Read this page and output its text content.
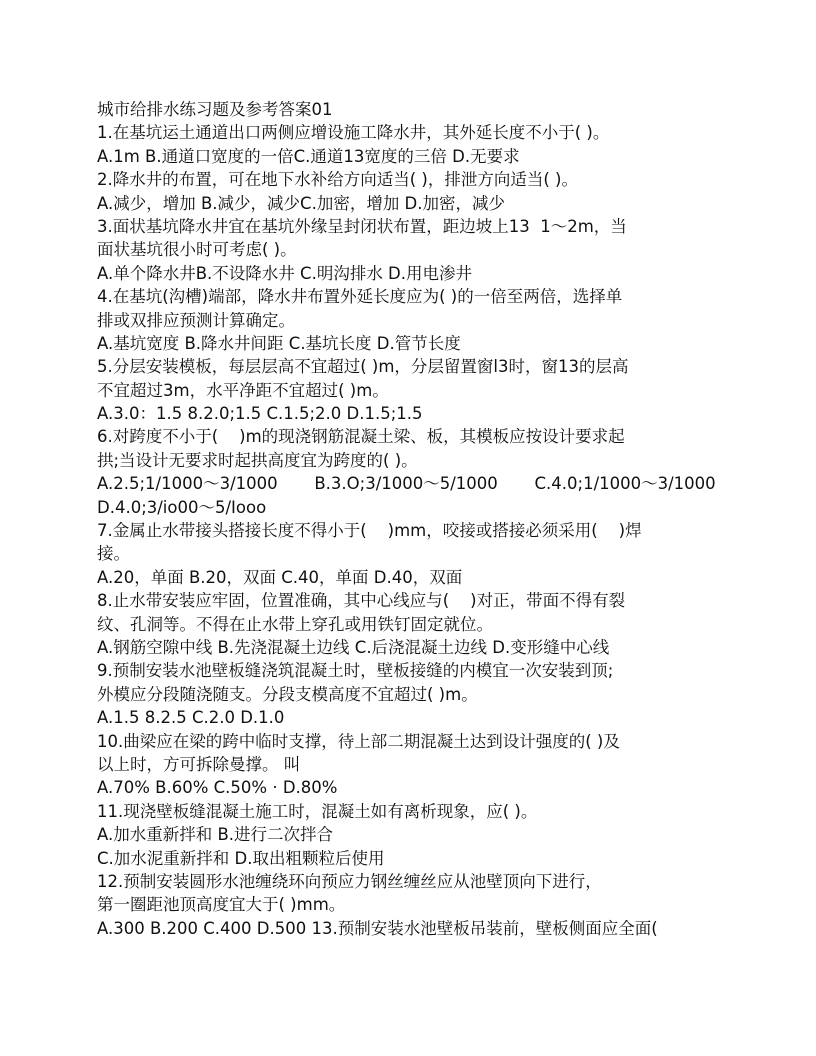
城市给排水练习题及参考答案01
1.在基坑运土通道出口两侧应增设施工降水井，其外延长度不小于( )。
A.1m B.通道口宽度的一倍C.通道13宽度的三倍 D.无要求
2.降水井的布置，可在地下水补给方向适当( )，排泄方向适当( )。
A.减少，增加 B.减少，减少C.加密，增加 D.加密，减少
3.面状基坑降水井宜在基坑外缘呈封闭状布置，距边坡上13  1～2m，当
面状基坑很小时可考虑( )。
A.单个降水井B.不设降水井 C.明沟排水 D.用电渗井
4.在基坑(沟槽)端部，降水井布置外延长度应为( )的一倍至两倍，选择单
排或双排应预测计算确定。
A.基坑宽度 B.降水井间距 C.基坑长度 D.管节长度
5.分层安装模板，每层层高不宜超过( )m，分层留置窗l3时，窗13的层高
不宜超过3m，水平净距不宜超过( )m。
A.3.0：1.5 8.2.0;1.5 C.1.5;2.0 D.1.5;1.5
6.对跨度不小于(    )m的现浇钢筋混凝土梁、板，其模板应按设计要求起
拱;当设计无要求时起拱高度宜为跨度的( )。
A.2.5;1/1000～3/1000       B.3.O;3/1000～5/1000       C.4.0;1/1000～3/1000
D.4.0;3/io00～5/Iooo
7.金属止水带接头搭接长度不得小于(    )mm，咬接或搭接必须采用(    )焊
接。
A.20，单面 B.20，双面 C.40，单面 D.40，双面
8.止水带安装应牢固，位置准确，其中心线应与(    )对正，带面不得有裂
纹、孔洞等。不得在止水带上穿孔或用铁钉固定就位。
A.钢筋空隙中线 B.先浇混凝土边线 C.后浇混凝土边线 D.变形缝中心线
9.预制安装水池壁板缝浇筑混凝土时，壁板接缝的内模宜一次安装到顶;
外模应分段随浇随支。分段支模高度不宜超过( )m。
A.1.5 8.2.5 C.2.0 D.1.0
10.曲梁应在梁的跨中临时支撑，待上部二期混凝土达到设计强度的( )及
以上时，方可拆除曼撑。 叫
A.70% B.60% C.50% · D.80%
11.现浇壁板缝混凝土施工时，混凝土如有离析现象，应( )。
A.加水重新拌和 B.进行二次拌合
C.加水泥重新拌和 D.取出粗颗粒后使用
12.预制安装圆形水池缠绕环向预应力钢丝缠丝应从池壁顶向下进行，
第一圈距池顶高度宜大于( )mm。
A.300 B.200 C.400 D.500 13.预制安装水池壁板吊装前，壁板侧面应全面(
